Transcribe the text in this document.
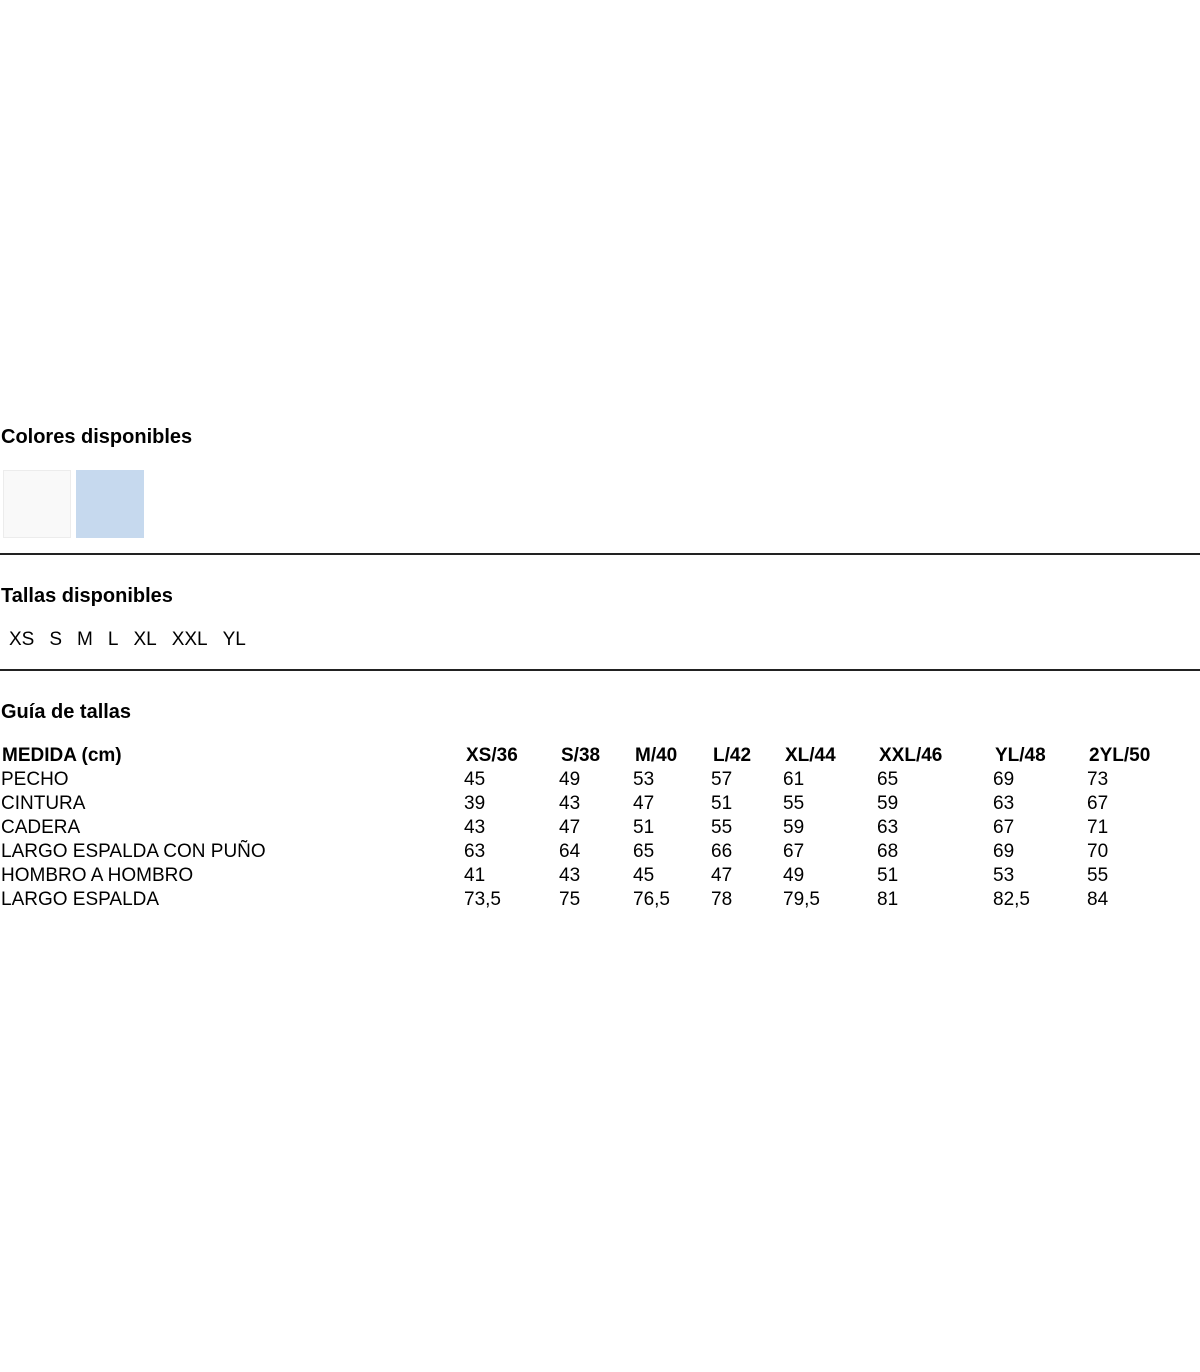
Colores disponibles
Tallas disponibles
XS S M L XL XXL YL
Guía de tallas
MEDIDA (cm)	XS/36	S/38	M/40	L/42	XL/44	XXL/46	YL/48	2YL/50
PECHO	45	49	53	57	61	65	69	73
CINTURA	39	43	47	51	55	59	63	67
CADERA	43	47	51	55	59	63	67	71
LARGO ESPALDA CON PUÑO	63	64	65	66	67	68	69	70
HOMBRO A HOMBRO	41	43	45	47	49	51	53	55
LARGO ESPALDA	73,5	75	76,5	78	79,5	81	82,5	84
